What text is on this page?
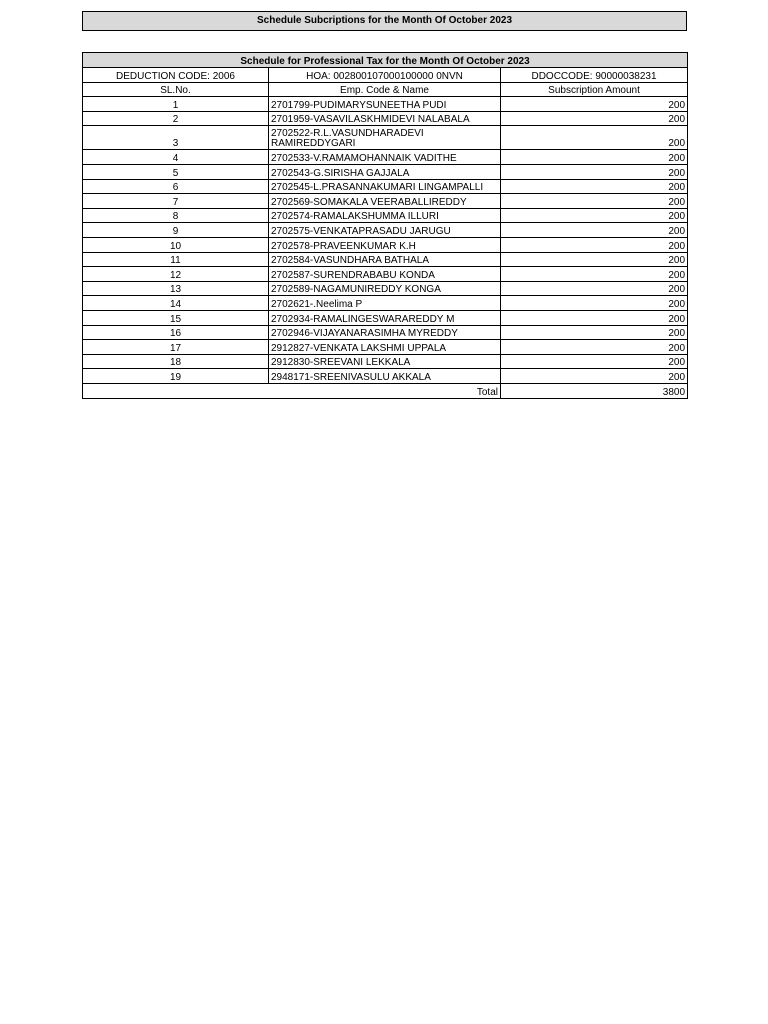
Schedule Subcriptions for the Month Of October 2023
Schedule for Professional Tax for the Month Of October 2023		
DEDUCTION CODE: 2006	HOA: 002800107000100000 0NVN	DDOCCODE: 90000038231
SL.No.	Emp. Code & Name	Subscription Amount
1	2701799-PUDIMARYSUNEETHA PUDI	200
2	2701959-VASAVILASKHMIDEVI NALABALA	200
3	2702522-R.L.VASUNDHARADEVI RAMIREDDYGARI	200
4	2702533-V.RAMAMOHANNAIK VADITHE	200
5	2702543-G.SIRISHA GAJJALA	200
6	2702545-L.PRASANNAKUMARI LINGAMPALLI	200
7	2702569-SOMAKALA VEERABALLIREDDY	200
8	2702574-RAMALAKSHUMMA ILLURI	200
9	2702575-VENKATAPRASADU JARUGU	200
10	2702578-PRAVEENKUMAR K.H	200
11	2702584-VASUNDHARA BATHALA	200
12	2702587-SURENDRABABU KONDA	200
13	2702589-NAGAMUNIREDDY KONGA	200
14	2702621-.Neelima P	200
15	2702934-RAMALINGESWARAREDDY M	200
16	2702946-VIJAYANARASIMHA MYREDDY	200
17	2912827-VENKATA LAKSHMI UPPALA	200
18	2912830-SREEVANI LEKKALA	200
19	2948171-SREENIVASULU AKKALA	200
Total		3800
